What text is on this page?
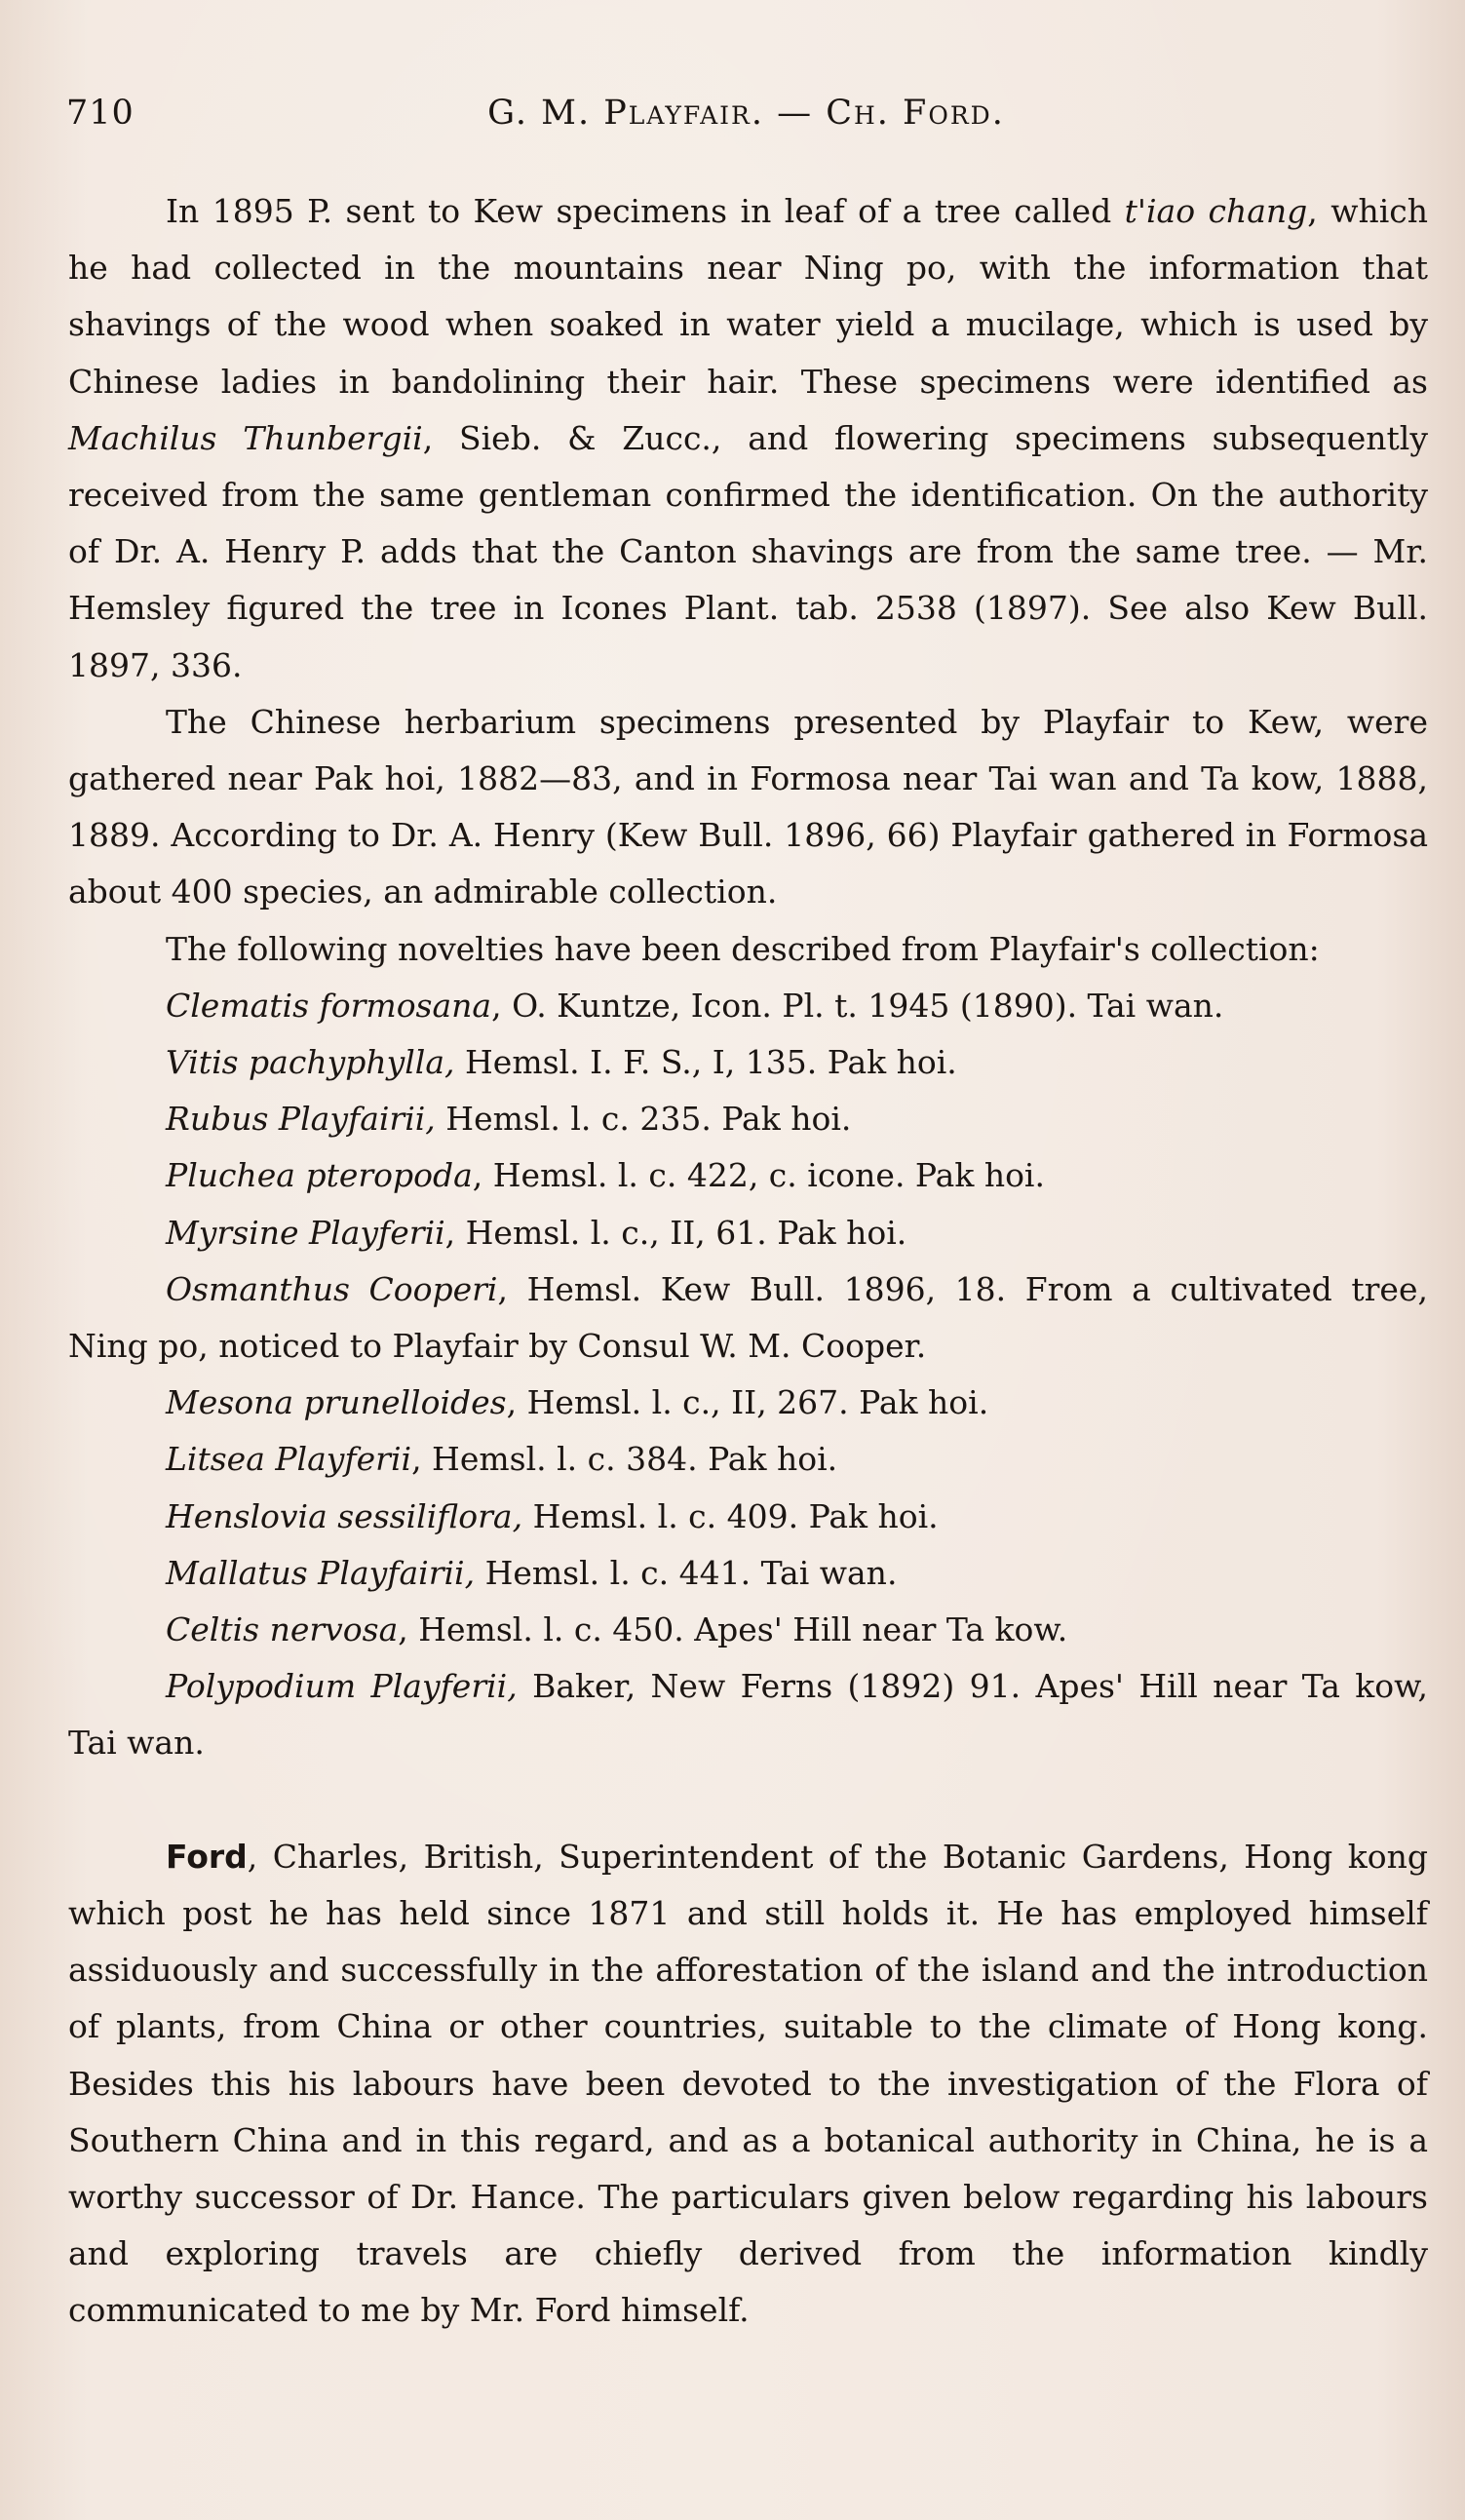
710	G. M. Playfair. — Ch. Ford.

In 1895 P. sent to Kew specimens in leaf of a tree called t'iao chang, which he had collected in the mountains near Ning po, with the information that shavings of the wood when soaked in water yield a mucilage, which is used by Chinese ladies in bandolining their hair. These specimens were identified as Machilus Thunbergii, Sieb. & Zucc., and flowering specimens subsequently received from the same gentleman confirmed the identification. On the authority of Dr. A. Henry P. adds that the Canton shavings are from the same tree. — Mr. Hemsley figured the tree in Icones Plant. tab. 2538 (1897). See also Kew Bull. 1897, 336.

The Chinese herbarium specimens presented by Playfair to Kew, were gathered near Pak hoi, 1882—83, and in Formosa near Tai wan and Ta kow, 1888, 1889. According to Dr. A. Henry (Kew Bull. 1896, 66) Playfair gathered in Formosa about 400 species, an admirable collection.

The following novelties have been described from Playfair's collection:

Clematis formosana, O. Kuntze, Icon. Pl. t. 1945 (1890). Tai wan.

Vitis pachyphylla, Hemsl. I. F. S., I, 135. Pak hoi.

Rubus Playfairii, Hemsl. l. c. 235. Pak hoi.

Pluchea pteropoda, Hemsl. l. c. 422, c. icone. Pak hoi.

Myrsine Playferii, Hemsl. l. c., II, 61. Pak hoi.

Osmanthus Cooperi, Hemsl. Kew Bull. 1896, 18. From a cultivated tree, Ning po, noticed to Playfair by Consul W. M. Cooper.

Mesona prunelloides, Hemsl. l. c., II, 267. Pak hoi.

Litsea Playferii, Hemsl. l. c. 384. Pak hoi.

Henslovia sessiliflora, Hemsl. l. c. 409. Pak hoi.

Mallatus Playfairii, Hemsl. l. c. 441. Tai wan.

Celtis nervosa, Hemsl. l. c. 450. Apes' Hill near Ta kow.

Polypodium Playferii, Baker, New Ferns (1892) 91. Apes' Hill near Ta kow, Tai wan.

Ford, Charles, British, Superintendent of the Botanic Gardens, Hong kong which post he has held since 1871 and still holds it. He has employed himself assiduously and successfully in the afforestation of the island and the introduction of plants, from China or other countries, suitable to the climate of Hong kong. Besides this his labours have been devoted to the investigation of the Flora of Southern China and in this regard, and as a botanical authority in China, he is a worthy successor of Dr. Hance. The particulars given below regarding his labours and exploring travels are chiefly derived from the information kindly communicated to me by Mr. Ford himself.
